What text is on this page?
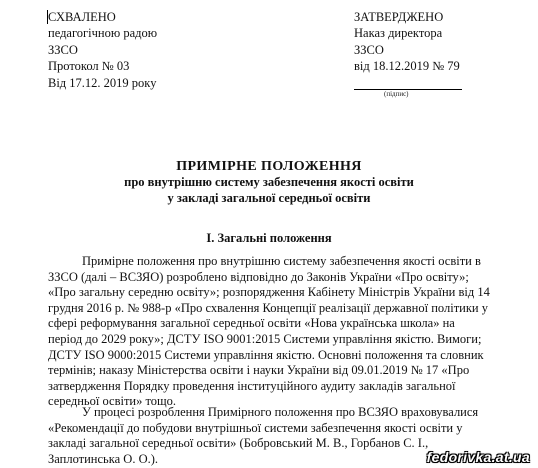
СХВАЛЕНО
педагогічною радою
ЗЗСО
Протокол № 03
Від 17.12. 2019 року
ЗАТВЕРДЖЕНО
Наказ директора
ЗЗСО
від 18.12.2019 № 79
(підпис)
ПРИМІРНЕ ПОЛОЖЕННЯ
про внутрішню систему забезпечення якості освіти
у закладі загальної середньої освіти
І. Загальні положення
Примірне положення про внутрішню систему забезпечення якості освіти в
ЗЗСО (далі – ВСЗЯО) розроблено відповідно до Законів України «Про освіту»;
«Про загальну середню освіту»; розпорядження Кабінету Міністрів України від 14
грудня 2016 р. № 988-р «Про схвалення Концепції реалізації державної політики у
сфері реформування загальної середньої освіти «Нова українська школа» на
період до 2029 року»; ДСТУ ISO 9001:2015 Системи управління якістю. Вимоги;
ДСТУ ISO 9000:2015 Системи управління якістю. Основні положення та словник
термінів; наказу Міністерства освіти і науки України від 09.01.2019 № 17 «Про
затвердження Порядку проведення інституційного аудиту закладів загальної
середньої освіти» тощо.
У процесі розроблення Примірного положення про ВСЗЯО враховувалися
«Рекомендації до побудови внутрішньої системи забезпечення якості освіти у
закладі загальної середньої освіти» (Бобровський М. В., Горбанов С. І.,
Заплотинська О. О.).	fedorivka.at.ua
